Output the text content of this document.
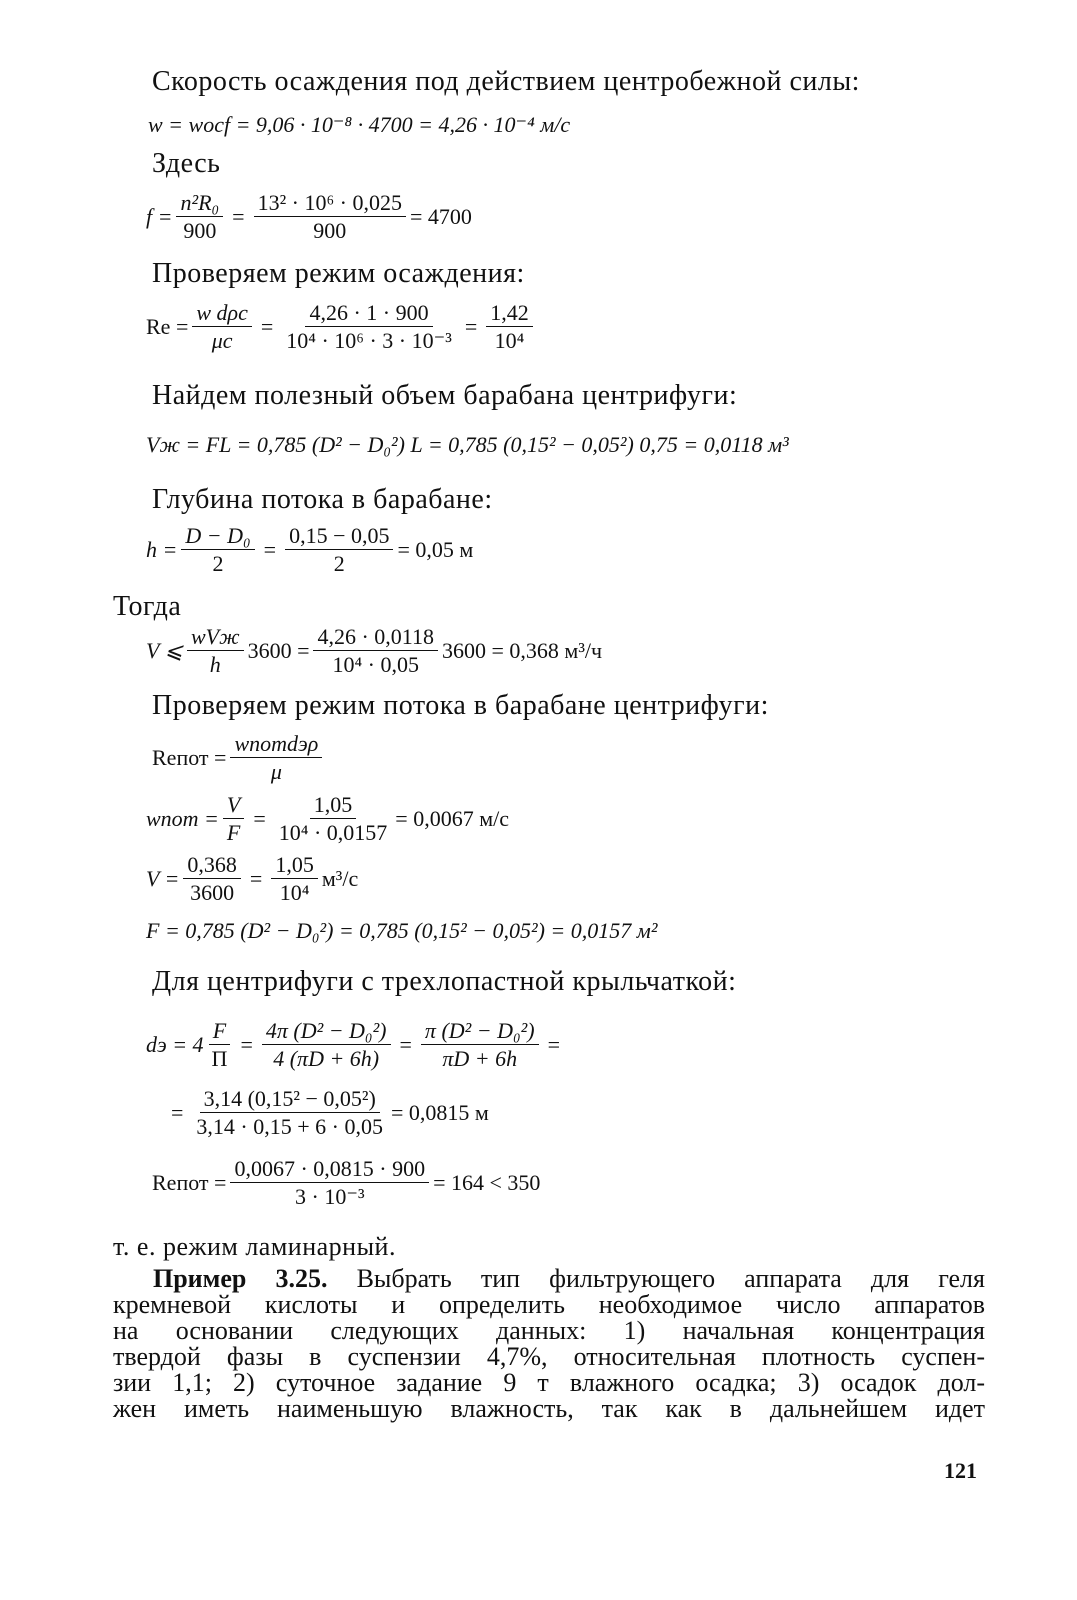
Скорость осаждения под действием центробежной силы:
w = wосf = 9,06 · 10⁻⁸ · 4700 = 4,26 · 10⁻⁴ м/с
Здесь
$f = \frac{\text{n²R₀}}{900} = \frac{\text{13² · 10⁶ · 0,025}}{900} = 4700$
Проверяем режим осаждения:
$Re = \frac{\text{w dρс}}{\mu с} = \frac{4,26 \cdot 1 \cdot 900}{\text{10⁴ · 10⁶ · 3 · 10⁻³}} = \frac{1,42}{\text{10⁴}}$
Найдем полезный объем барабана центрифуги:
Vж = FL = 0,785 (D² − D₀²) L = 0,785 (0,15² − 0,05²) 0,75 = 0,0118 м³
Глубина потока в барабане:
$h = \frac{\text{D − D₀}}{2} = \frac{0,15 - 0,05}{2} = 0,05$ м
Тогда
V ⩽ $\frac{\text{wVж}}{h} 3600 = \frac{4,26 \cdot 0,0118}{\text{10⁴ · 0,05}} 3600 = 0,368$ м³/ч
Проверяем режим потока в барабане центрифуги:
Reпот = $\frac{\text{wпотdэρ}}{\mu}$
wпот = $\frac{V}{F} = \frac{1,05}{\text{10⁴ · 0,0157}} = 0,0067$ м/с
$V = \frac{0,368}{3600} = \frac{1,05}{\text{10⁴}} м^3/с$
F = 0,785 (D² − D₀²) = 0,785 (0,15² − 0,05²) = 0,0157 м²
Для центрифуги с трехлопастной крыльчаткой:
dэ = $4 \frac{F}{П} = \frac{\text{4π (D² − D₀²)}}{4 (\pi D + 6h)} = \frac{\text{π (D² − D₀²)}}{\pi D + 6h}$ =
= $\frac{\text{3,14 (0,15² − 0,05²)}}{3,14 \cdot 0,15 + 6 \cdot 0,05} = 0,0815$ м
Reпот = $\frac{0,0067 \cdot 0,0815 \cdot 900}{\text{3 · 10⁻³}} = 164 < 350$
т. е. режим ламинарный.
Пример 3.25. Выбрать тип фильтрующего аппарата для геля
кремневой кислоты и определить необходимое число аппаратов
на основании следующих данных: 1) начальная концентрация
твердой фазы в суспензии 4,7%, относительная плотность суспен-
зии 1,1; 2) суточное задание 9 т влажного осадка; 3) осадок дол-
жен иметь наименьшую влажность, так как в дальнейшем идет
121
